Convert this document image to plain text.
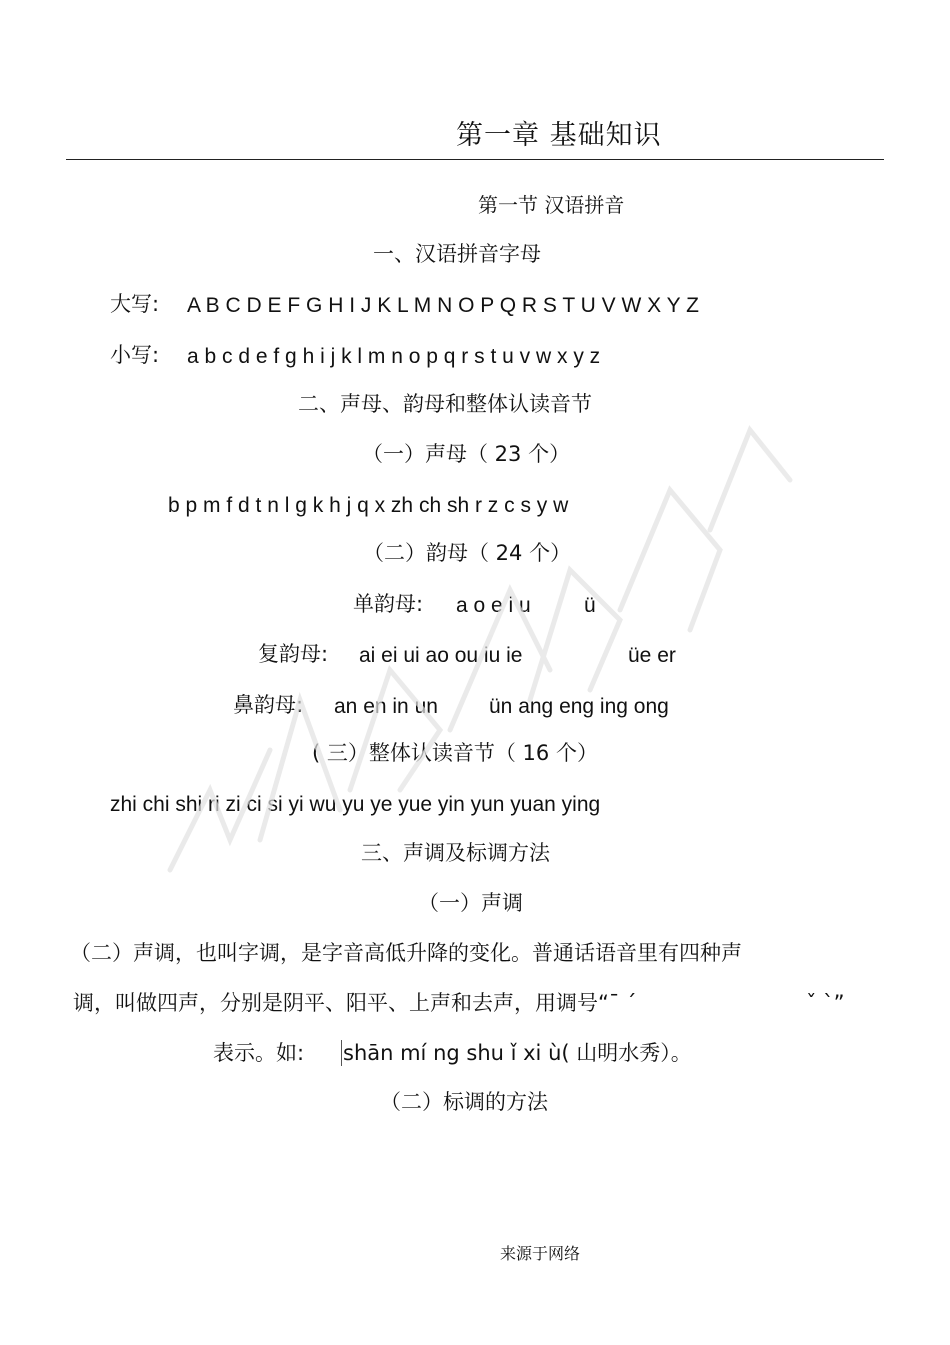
第一章 基础知识
第一节 汉语拼音
一、汉语拼音字母
大写: A B C D E F G H I J K L M N O P Q R S T U V W X Y Z
小写: a b c d e f g h i j k l m n o p q r s t u v w x y z
二、声母、韵母和整体认读音节
（一）声母（ 23 个）
b p m f d t n l g k h j q x zh ch sh r z c s y w
（二）韵母（ 24 个）
单韵母: a o e i u	ü
复韵母: ai ei ui ao ou iu ie	üe er
鼻韵母: an en in un ün ang eng ing ong
( 三）整体认读音节（ 16 个）
zhi chi shi ri zi ci si yi wu yu ye yue yin yun yuan ying
三、声调及标调方法
（一）声调
（二）声调，也叫字调，是字音高低升降的变化。普通话语音里有四种声
调，叫做四声，分别是阴平、阳平、上声和去声，用调号“ˉ ˊ	ˇ ˋ”
表示。如: shān mí ng shu ǐ xi ù( 山明水秀）。
（二）标调的方法
来源于网络
